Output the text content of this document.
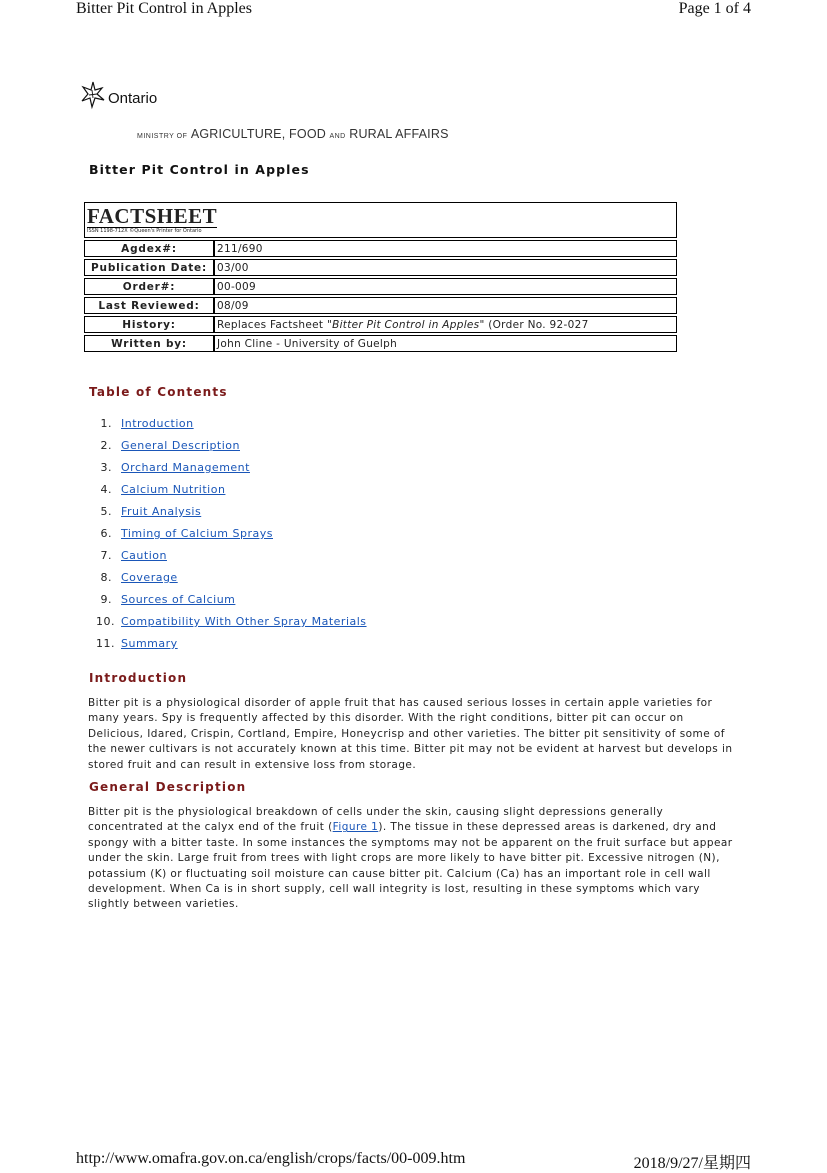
Bitter Pit Control in Apples	Page 1 of 4
Ontario
MINISTRY OF AGRICULTURE, FOOD AND RURAL AFFAIRS
Bitter Pit Control in Apples
FACTSHEET
ISSN 1198-712X ©Queen's Printer for Ontario	

Agdex#:	211/690
Publication Date:	03/00
Order#:	00-009
Last Reviewed:	08/09
History:	Replaces Factsheet "Bitter Pit Control in Apples" (Order No. 92-027
Written by:	John Cline - University of Guelph
Table of Contents
1. Introduction
2. General Description
3. Orchard Management
4. Calcium Nutrition
5. Fruit Analysis
6. Timing of Calcium Sprays
7. Caution
8. Coverage
9. Sources of Calcium
10. Compatibility With Other Spray Materials
11. Summary
Introduction

Bitter pit is a physiological disorder of apple fruit that has caused serious losses in certain apple varieties for many years. Spy is frequently affected by this disorder. With the right conditions, bitter pit can occur on Delicious, Idared, Crispin, Cortland, Empire, Honeycrisp and other varieties. The bitter pit sensitivity of some of the newer cultivars is not accurately known at this time. Bitter pit may not be evident at harvest but develops in stored fruit and can result in extensive loss from storage.

General Description

Bitter pit is the physiological breakdown of cells under the skin, causing slight depressions generally concentrated at the calyx end of the fruit (Figure 1). The tissue in these depressed areas is darkened, dry and spongy with a bitter taste. In some instances the symptoms may not be apparent on the fruit surface but appear under the skin. Large fruit from trees with light crops are more likely to have bitter pit. Excessive nitrogen (N), potassium (K) or fluctuating soil moisture can cause bitter pit. Calcium (Ca) has an important role in cell wall development. When Ca is in short supply, cell wall integrity is lost, resulting in these symptoms which vary slightly between varieties.

http://www.omafra.gov.on.ca/english/crops/facts/00-009.htm	2018/9/27/星期四
